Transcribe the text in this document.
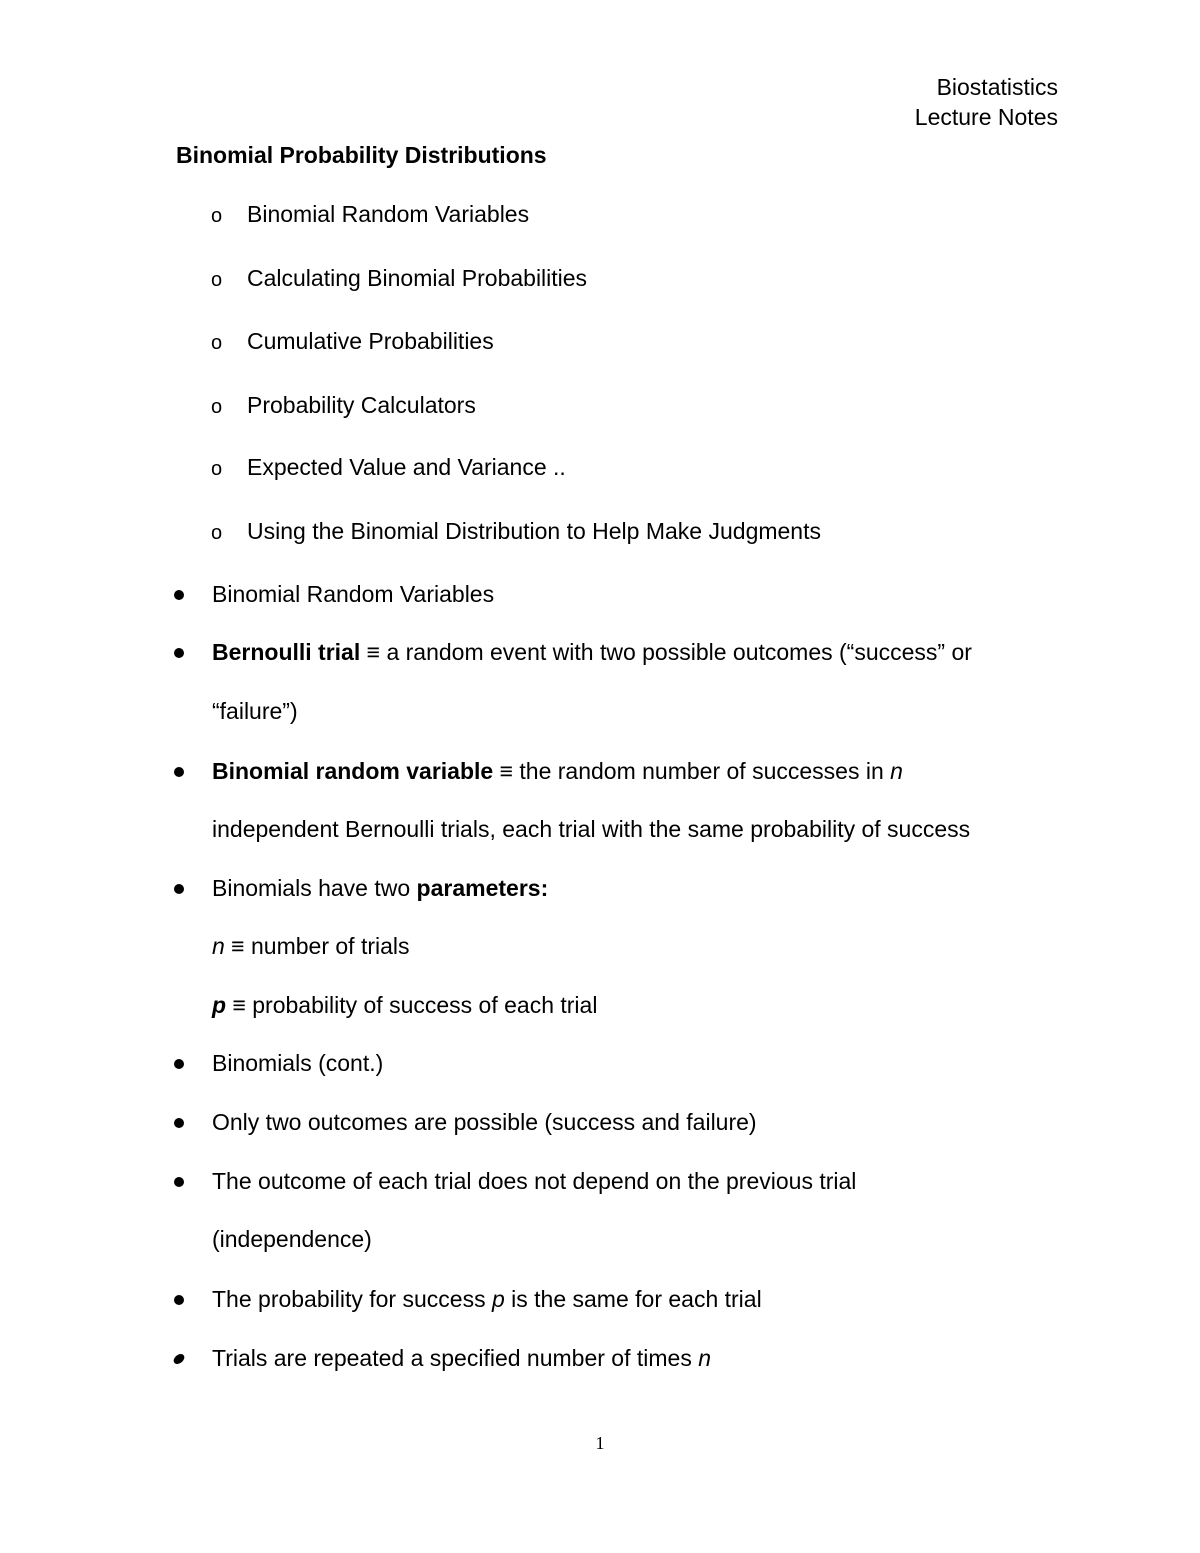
Biostatistics
Lecture Notes
Binomial Probability Distributions
o Binomial Random Variables
o Calculating Binomial Probabilities
o Cumulative Probabilities
o Probability Calculators
o Expected Value and Variance ..
o Using the Binomial Distribution to Help Make Judgments
Binomial Random Variables
Bernoulli trial ≡ a random event with two possible outcomes (“success” or
“failure”)
Binomial random variable ≡ the random number of successes in n
independent Bernoulli trials, each trial with the same probability of success
Binomials have two parameters:
n ≡ number of trials
p ≡ probability of success of each trial
Binomials (cont.)
Only two outcomes are possible (success and failure)
The outcome of each trial does not depend on the previous trial
(independence)
The probability for success p is the same for each trial
Trials are repeated a specified number of times n
1
